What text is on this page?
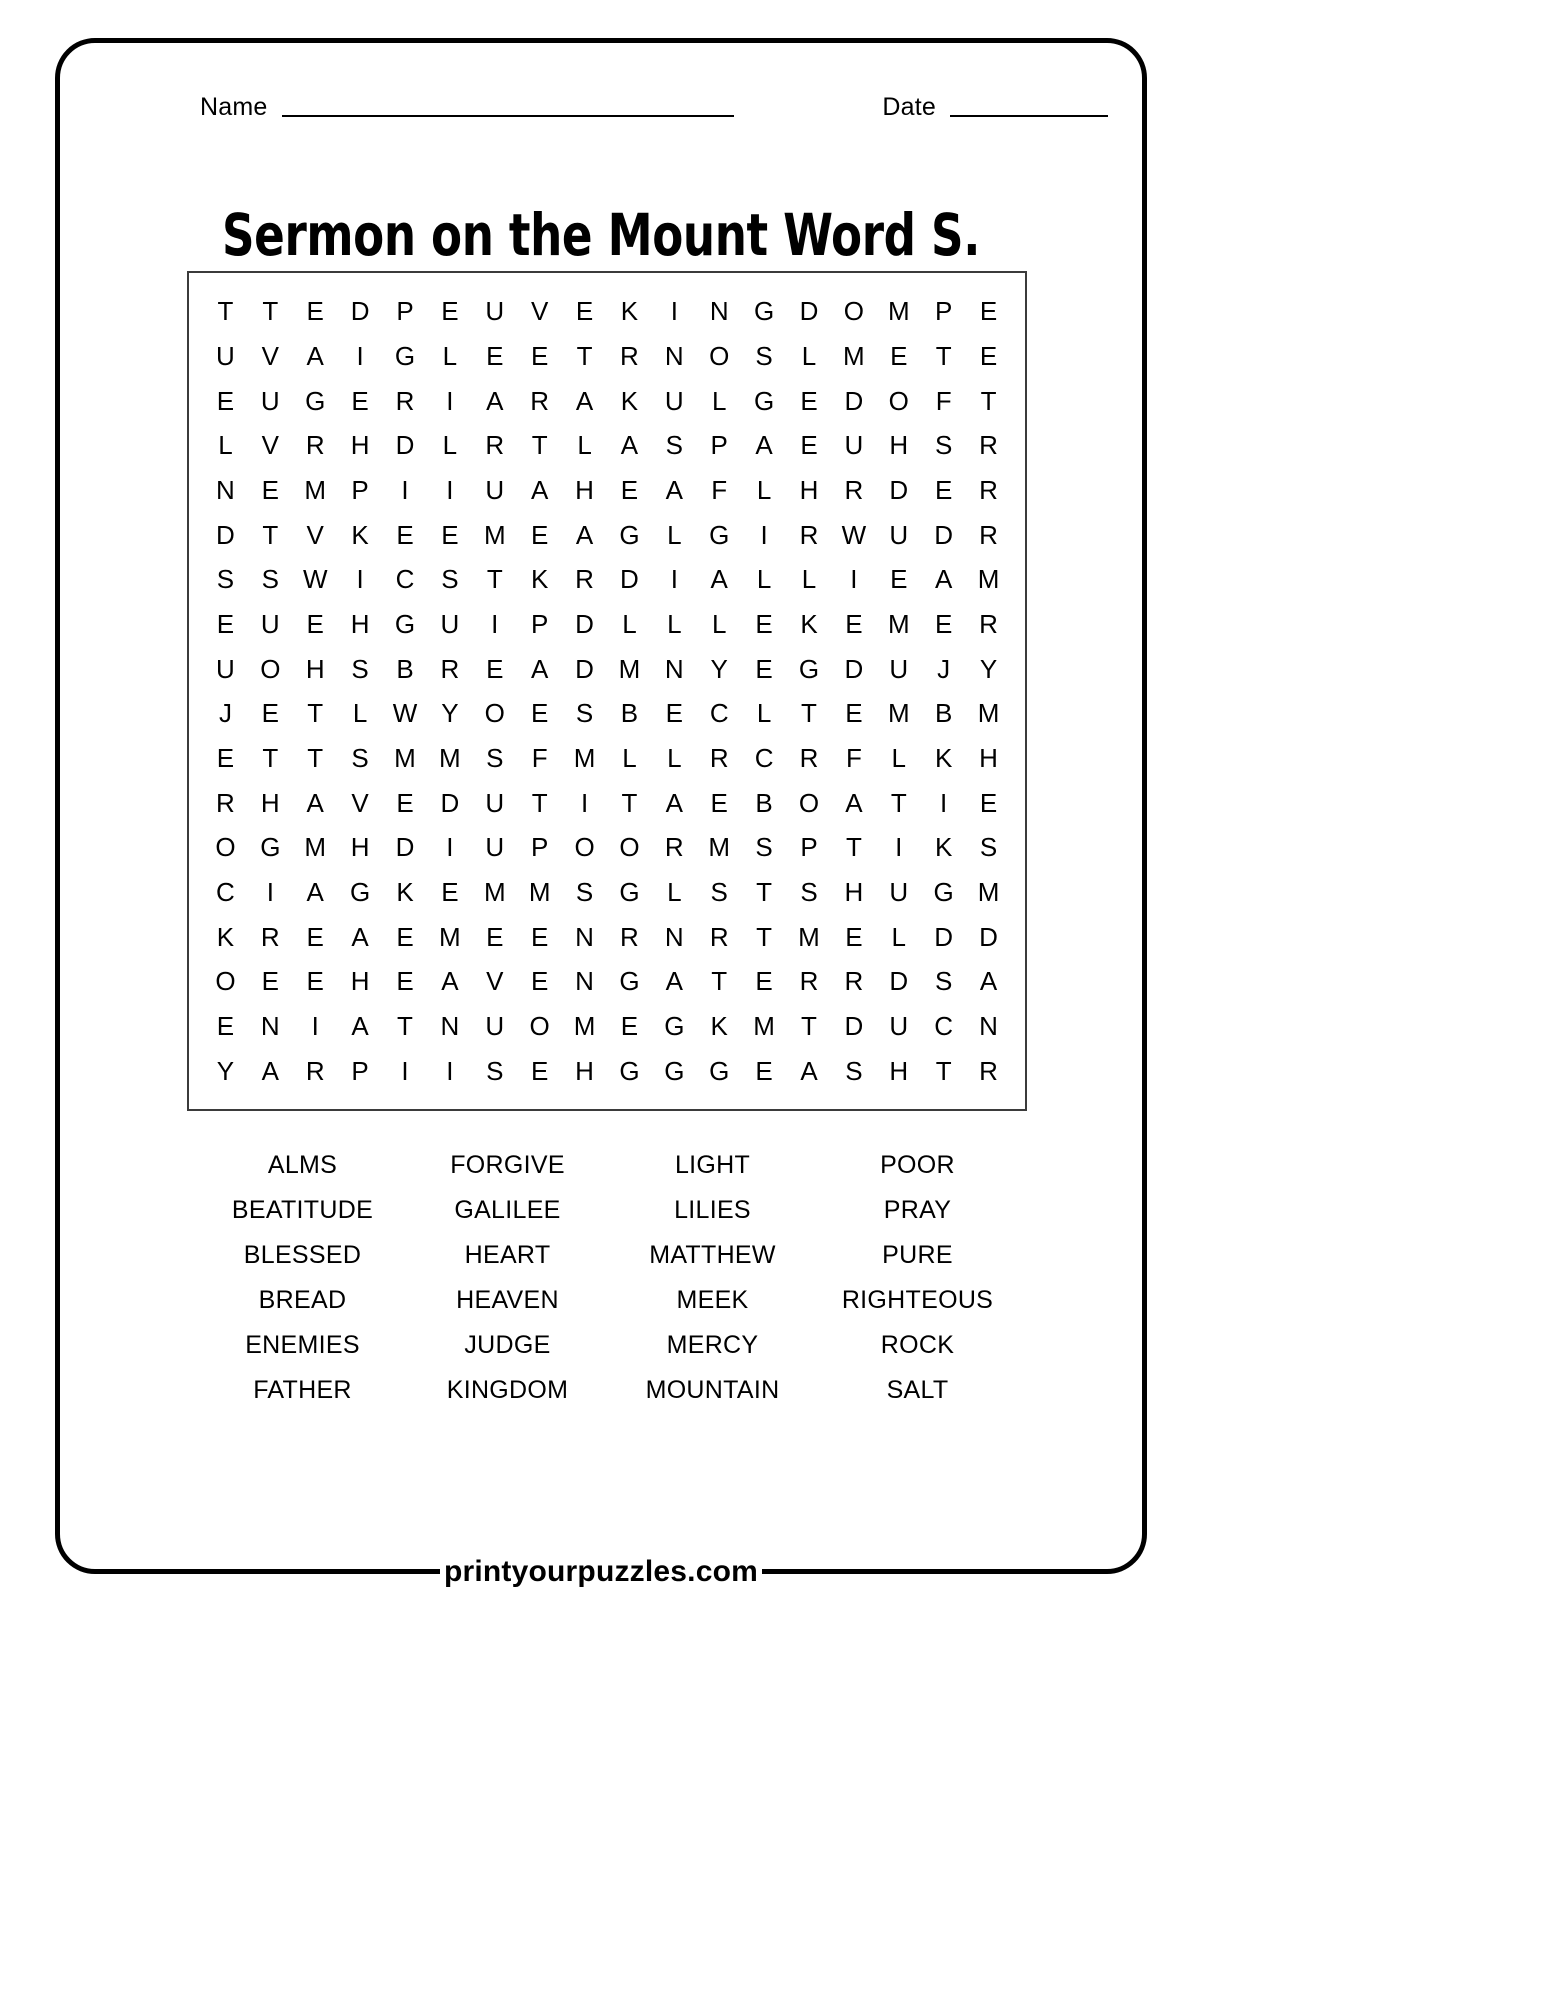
Name	Date
Sermon on the Mount Word S.
T T E D P E U V E K I N G D O M P E
U V A I G L E E T R N O S L M E T E
E U G E R I A R A K U L G E D O F T
L V R H D L R T L A S P A E U H S R
N E M P I I U A H E A F L H R D E R
D T V K E E M E A G L G I R W U D R
S S W I C S T K R D I A L L I E A M
E U E H G U I P D L L L E K E M E R
U O H S B R E A D M N Y E G D U J Y
J E T L W Y O E S B E C L T E M B M
E T T S M M S F M L L R C R F L K H
R H A V E D U T I T A E B O A T I E
O G M H D I U P O O R M S P T I K S
C I A G K E M M S G L S T S H U G M
K R E A E M E E N R N R T M E L D D
O E E H E A V E N G A T E R R D S A
E N I A T N U O M E G K M T D U C N
Y A R P I I S E H G G G E A S H T R
ALMS	FORGIVE	LIGHT	POOR
BEATITUDE	GALILEE	LILIES	PRAY
BLESSED	HEART	MATTHEW	PURE
BREAD	HEAVEN	MEEK	RIGHTEOUS
ENEMIES	JUDGE	MERCY	ROCK
FATHER	KINGDOM	MOUNTAIN	SALT
printyourpuzzles.com
